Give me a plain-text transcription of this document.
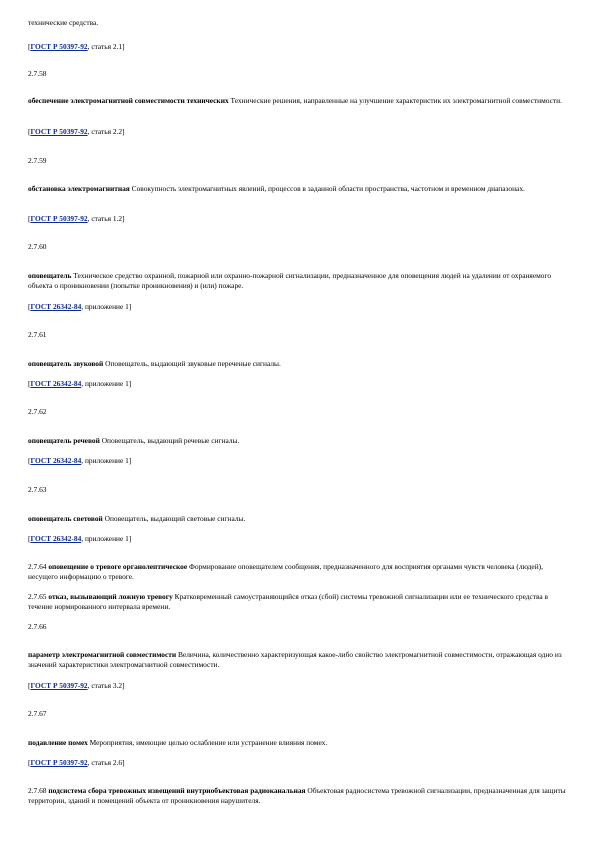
технические средства.

[ГОСТ Р 50397-92, статья 2.1]

2.7.58

обеспечение электромагнитной совместимости технических Технические решения, направленные на улучшение характеристик их электромагнитной совместимости.

[ГОСТ Р 50397-92, статья 2.2]

2.7.59

обстановка электромагнитная Совокупность электромагнитных явлений, процессов в заданной области пространства, частотном и временном диапазонах.

[ГОСТ Р 50397-92, статья 1.2]

2.7.60

оповещатель Техническое средство охранной, пожарной или охранно-пожарной сигнализации, предназначенное для оповещения людей на удалении от охраняемого объекта о проникновении (попытке проникновения) и (или) пожаре.

[ГОСТ 26342-84, приложение 1]

2.7.61

оповещатель звуковой Оповещатель, выдающий звуковые переченые сигналы.

[ГОСТ 26342-84, приложение 1]

2.7.62

оповещатель речевой Оповещатель, выдающий речевые сигналы.

[ГОСТ 26342-84, приложение 1]

2.7.63

оповещатель световой Оповещатель, выдающий световые сигналы.

[ГОСТ 26342-84, приложение 1]

2.7.64 оповещение о тревоге органолептическое Формирование оповещателем сообщения, предназначенного для восприятия органами чувств человека (людей), несущего информацию о тревоге.

2.7.65 отказ, вызывающий ложную тревогу Кратковременный самоустраняющийся отказ (сбой) системы тревожной сигнализации или ее технического средства в течение нормированного интервала времени.

2.7.66

параметр электромагнитной совместимости Величина, количественно характеризующая какое-либо свойство электромагнитной совместимости, отражающая одно из значений характеристики электромагнитной совместимости.

[ГОСТ Р 50397-92, статья 3.2]

2.7.67

подавление помех Мероприятия, имеющие целью ослабление или устранение влияния помех.

[ГОСТ Р 50397-92, статья 2.6]

2.7.68 подсистема сбора тревожных извещений внутриобъектовая радиоканальная Объектовая радиосистема тревожной сигнализации, предназначенная для защиты территории, зданий и помещений объекта от проникновения нарушителя.
